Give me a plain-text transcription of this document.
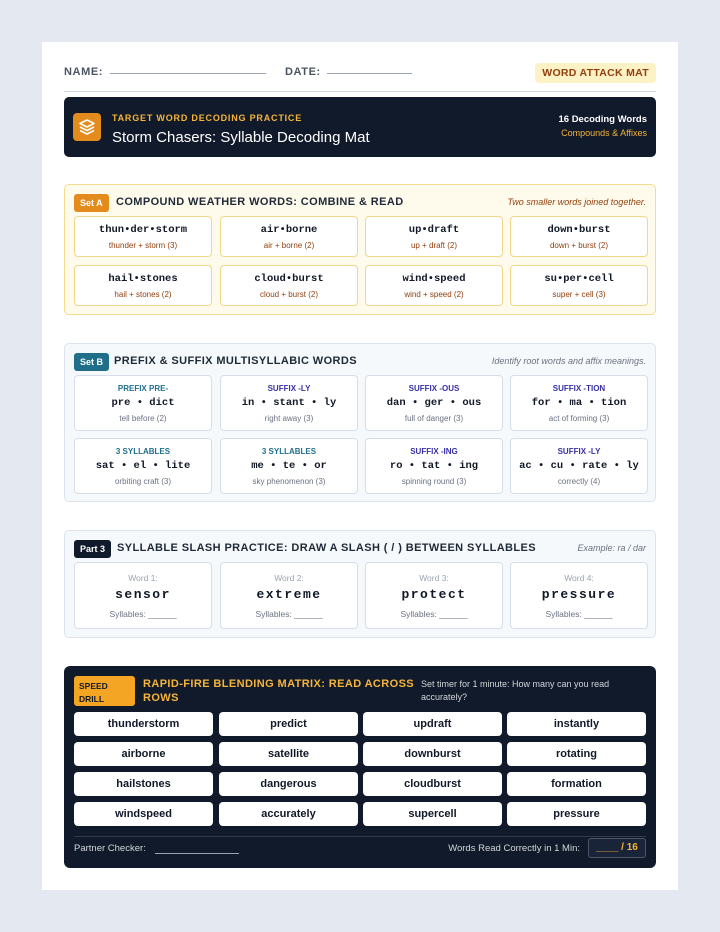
NAME:	DATE:	WORD ATTACK MAT
TARGET WORD DECODING PRACTICE
Storm Chasers: Syllable Decoding Mat
16 Decoding Words
Compounds & Affixes
Set A	COMPOUND WEATHER WORDS: COMBINE & READ	Two smaller words joined together.
thun•der•storm
thunder + storm (3)
air•borne
air + borne (2)
up•draft
up + draft (2)
down•burst
down + burst (2)
hail•stones
hail + stones (2)
cloud•burst
cloud + burst (2)
wind•speed
wind + speed (2)
su•per•cell
super + cell (3)
Set B PREFIX & SUFFIX MULTISYLLABIC WORDS	Identify root words and affix meanings.
PREFIX PRE-
pre • dict
tell before (2)
SUFFIX -LY
in • stant • ly
right away (3)
SUFFIX -OUS
dan • ger • ous
full of danger (3)
SUFFIX -TION
for • ma • tion
act of forming (3)
3 SYLLABLES
sat • el • lite
orbiting craft (3)
3 SYLLABLES
me • te • or
sky phenomenon (3)
SUFFIX -ING
ro • tat • ing
spinning round (3)
SUFFIX -LY
ac • cu • rate • ly
correctly (4)
Part 3	SYLLABLE SLASH PRACTICE: DRAW A SLASH ( / ) BETWEEN SYLLABLES	Example: ra / dar
Word 1:
sensor
Syllables: ______
Word 2:
extreme
Syllables: ______
Word 3:
protect
Syllables: ______
Word 4:
pressure
Syllables: ______
SPEED DRILL
RAPID-FIRE BLENDING MATRIX: READ ACROSS ROWS
Set timer for 1 minute: How many can you read accurately?
thunderstorm	predict	updraft	instantly
airborne	satellite	downburst	rotating
hailstones	dangerous	cloudburst	formation
windspeed	accurately	supercell	pressure
Partner Checker:	Words Read Correctly in 1 Min:	____ / 16
